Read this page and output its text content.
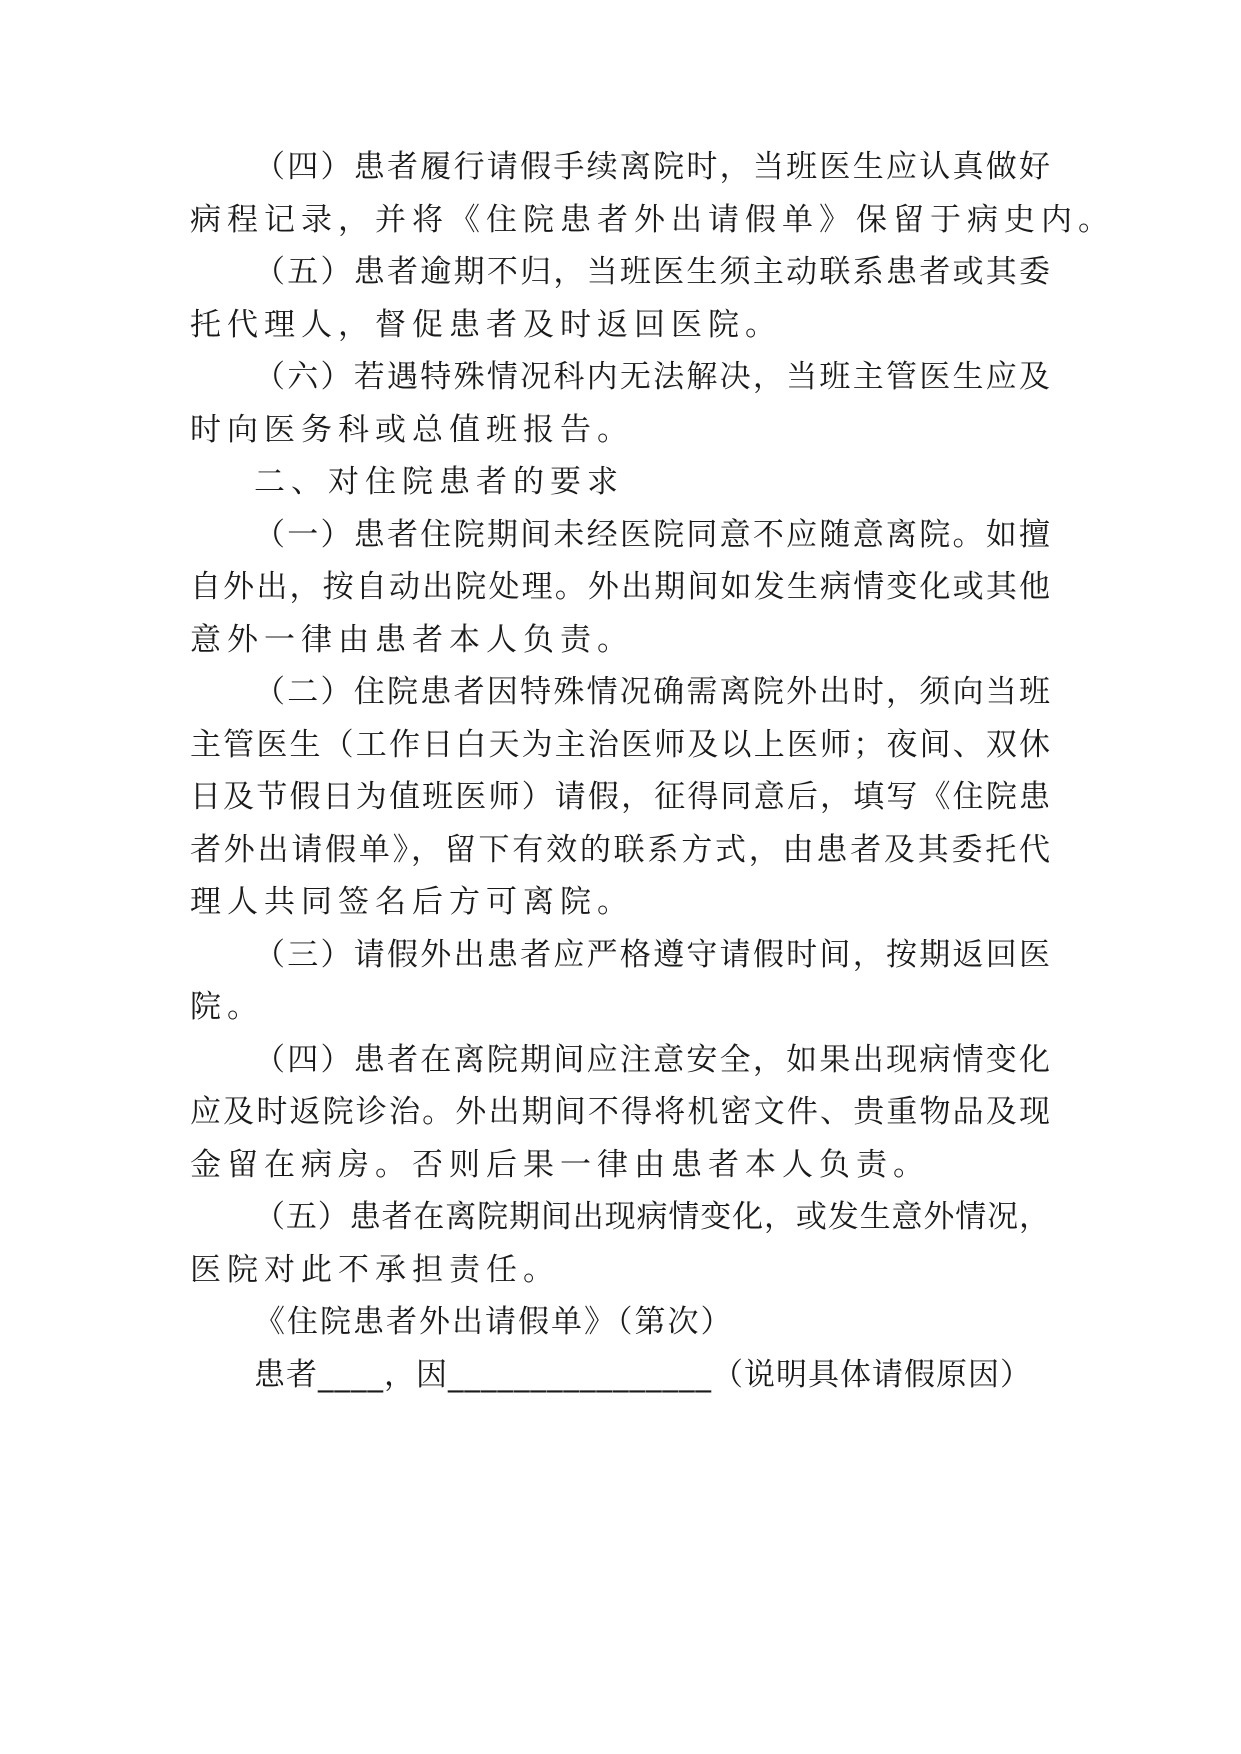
（四）患者履行请假手续离院时，当班医生应认真做好
病程记录，并将《住院患者外出请假单》保留于病史内。
（五）患者逾期不归，当班医生须主动联系患者或其委
托代理人，督促患者及时返回医院。
（六）若遇特殊情况科内无法解决，当班主管医生应及
时向医务科或总值班报告。
二、对住院患者的要求
（一）患者住院期间未经医院同意不应随意离院。如擅
自外出，按自动出院处理。外出期间如发生病情变化或其他
意外一律由患者本人负责。
（二）住院患者因特殊情况确需离院外出时，须向当班
主管医生（工作日白天为主治医师及以上医师；夜间、双休
日及节假日为值班医师）请假，征得同意后，填写《住院患
者外出请假单》，留下有效的联系方式，由患者及其委托代
理人共同签名后方可离院。
（三）请假外出患者应严格遵守请假时间，按期返回医
院。
（四）患者在离院期间应注意安全，如果出现病情变化
应及时返院诊治。外出期间不得将机密文件、贵重物品及现
金留在病房。否则后果一律由患者本人负责。
（五）患者在离院期间出现病情变化，或发生意外情况，
医院对此不承担责任。
《住院患者外出请假单》（第次）
患者____，因________________（说明具体请假原因）
